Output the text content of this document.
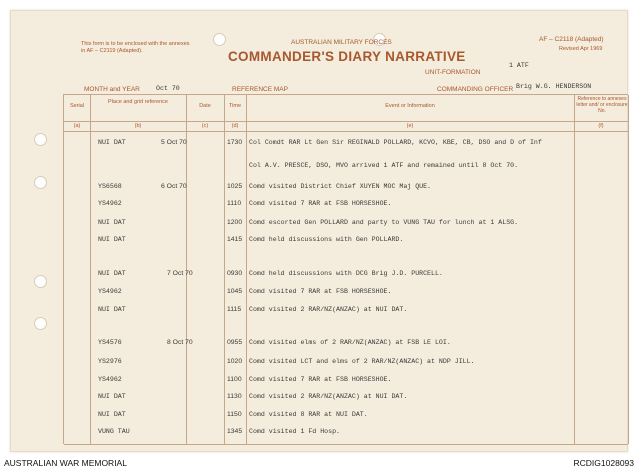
This form is to be enclosed with the annexes in AF – C2119 (Adapted).
AUSTRALIAN MILITARY FORCES
COMMANDER'S DIARY NARRATIVE
AF – C2118 (Adapted)
Revised Apr 1969
UNIT-FORMATION
1 ATF
MONTH and YEAR Oct 70	REFERENCE MAP	COMMANDING OFFICER Brig W.G. HENDERSON
Serial
Place and grid reference
Date	Time	Event or Information
Reference to annexes letter and/ or enclosure No.
(a)	(b)	(c)	(d)	(e)	(f)
NUI DAT	5 Oct 70	1730 Col Comdt RAR Lt Gen Sir REGINALD POLLARD, KCVO, KBE, CB, DSO and D of Inf
Col A.V. PRESCE, DSO, MVO arrived 1 ATF and remained until 8 Oct 70.
YS6568	6 Oct 70	1025 Comd visited District Chief XUYEN MOC Maj QUE.
YS4962	1110 Comd visited 7 RAR at FSB HORSESHOE.
NUI DAT	1200 Comd escorted Gen POLLARD and party to VUNG TAU for lunch at 1 ALSG.
NUI DAT	1415 Comd held discussions with Gen POLLARD.
NUI DAT	7 Oct 70	0930 Comd held discussions with DCG Brig J.D. PURCELL.
YS4962	1045 Comd visited 7 RAR at FSB HORSESHOE.
NUI DAT	1115 Comd visited 2 RAR/NZ(ANZAC) at NUI DAT.
YS4576	8 Oct 70	0955 Comd visited elms of 2 RAR/NZ(ANZAC) at FSB LE LOI.
YS2976	1020 Comd visited LCT and elms of 2 RAR/NZ(ANZAC) at NDP JILL.
YS4962	1100 Comd visited 7 RAR at FSB HORSESHOE.
NUI DAT	1130 Comd visited 2 RAR/NZ(ANZAC) at NUI DAT.
NUI DAT	1150 Comd visited 8 RAR at NUI DAT.
VUNG TAU	1345 Comd visited 1 Fd Hosp.
AUSTRALIAN WAR MEMORIAL	RCDIG1028093
